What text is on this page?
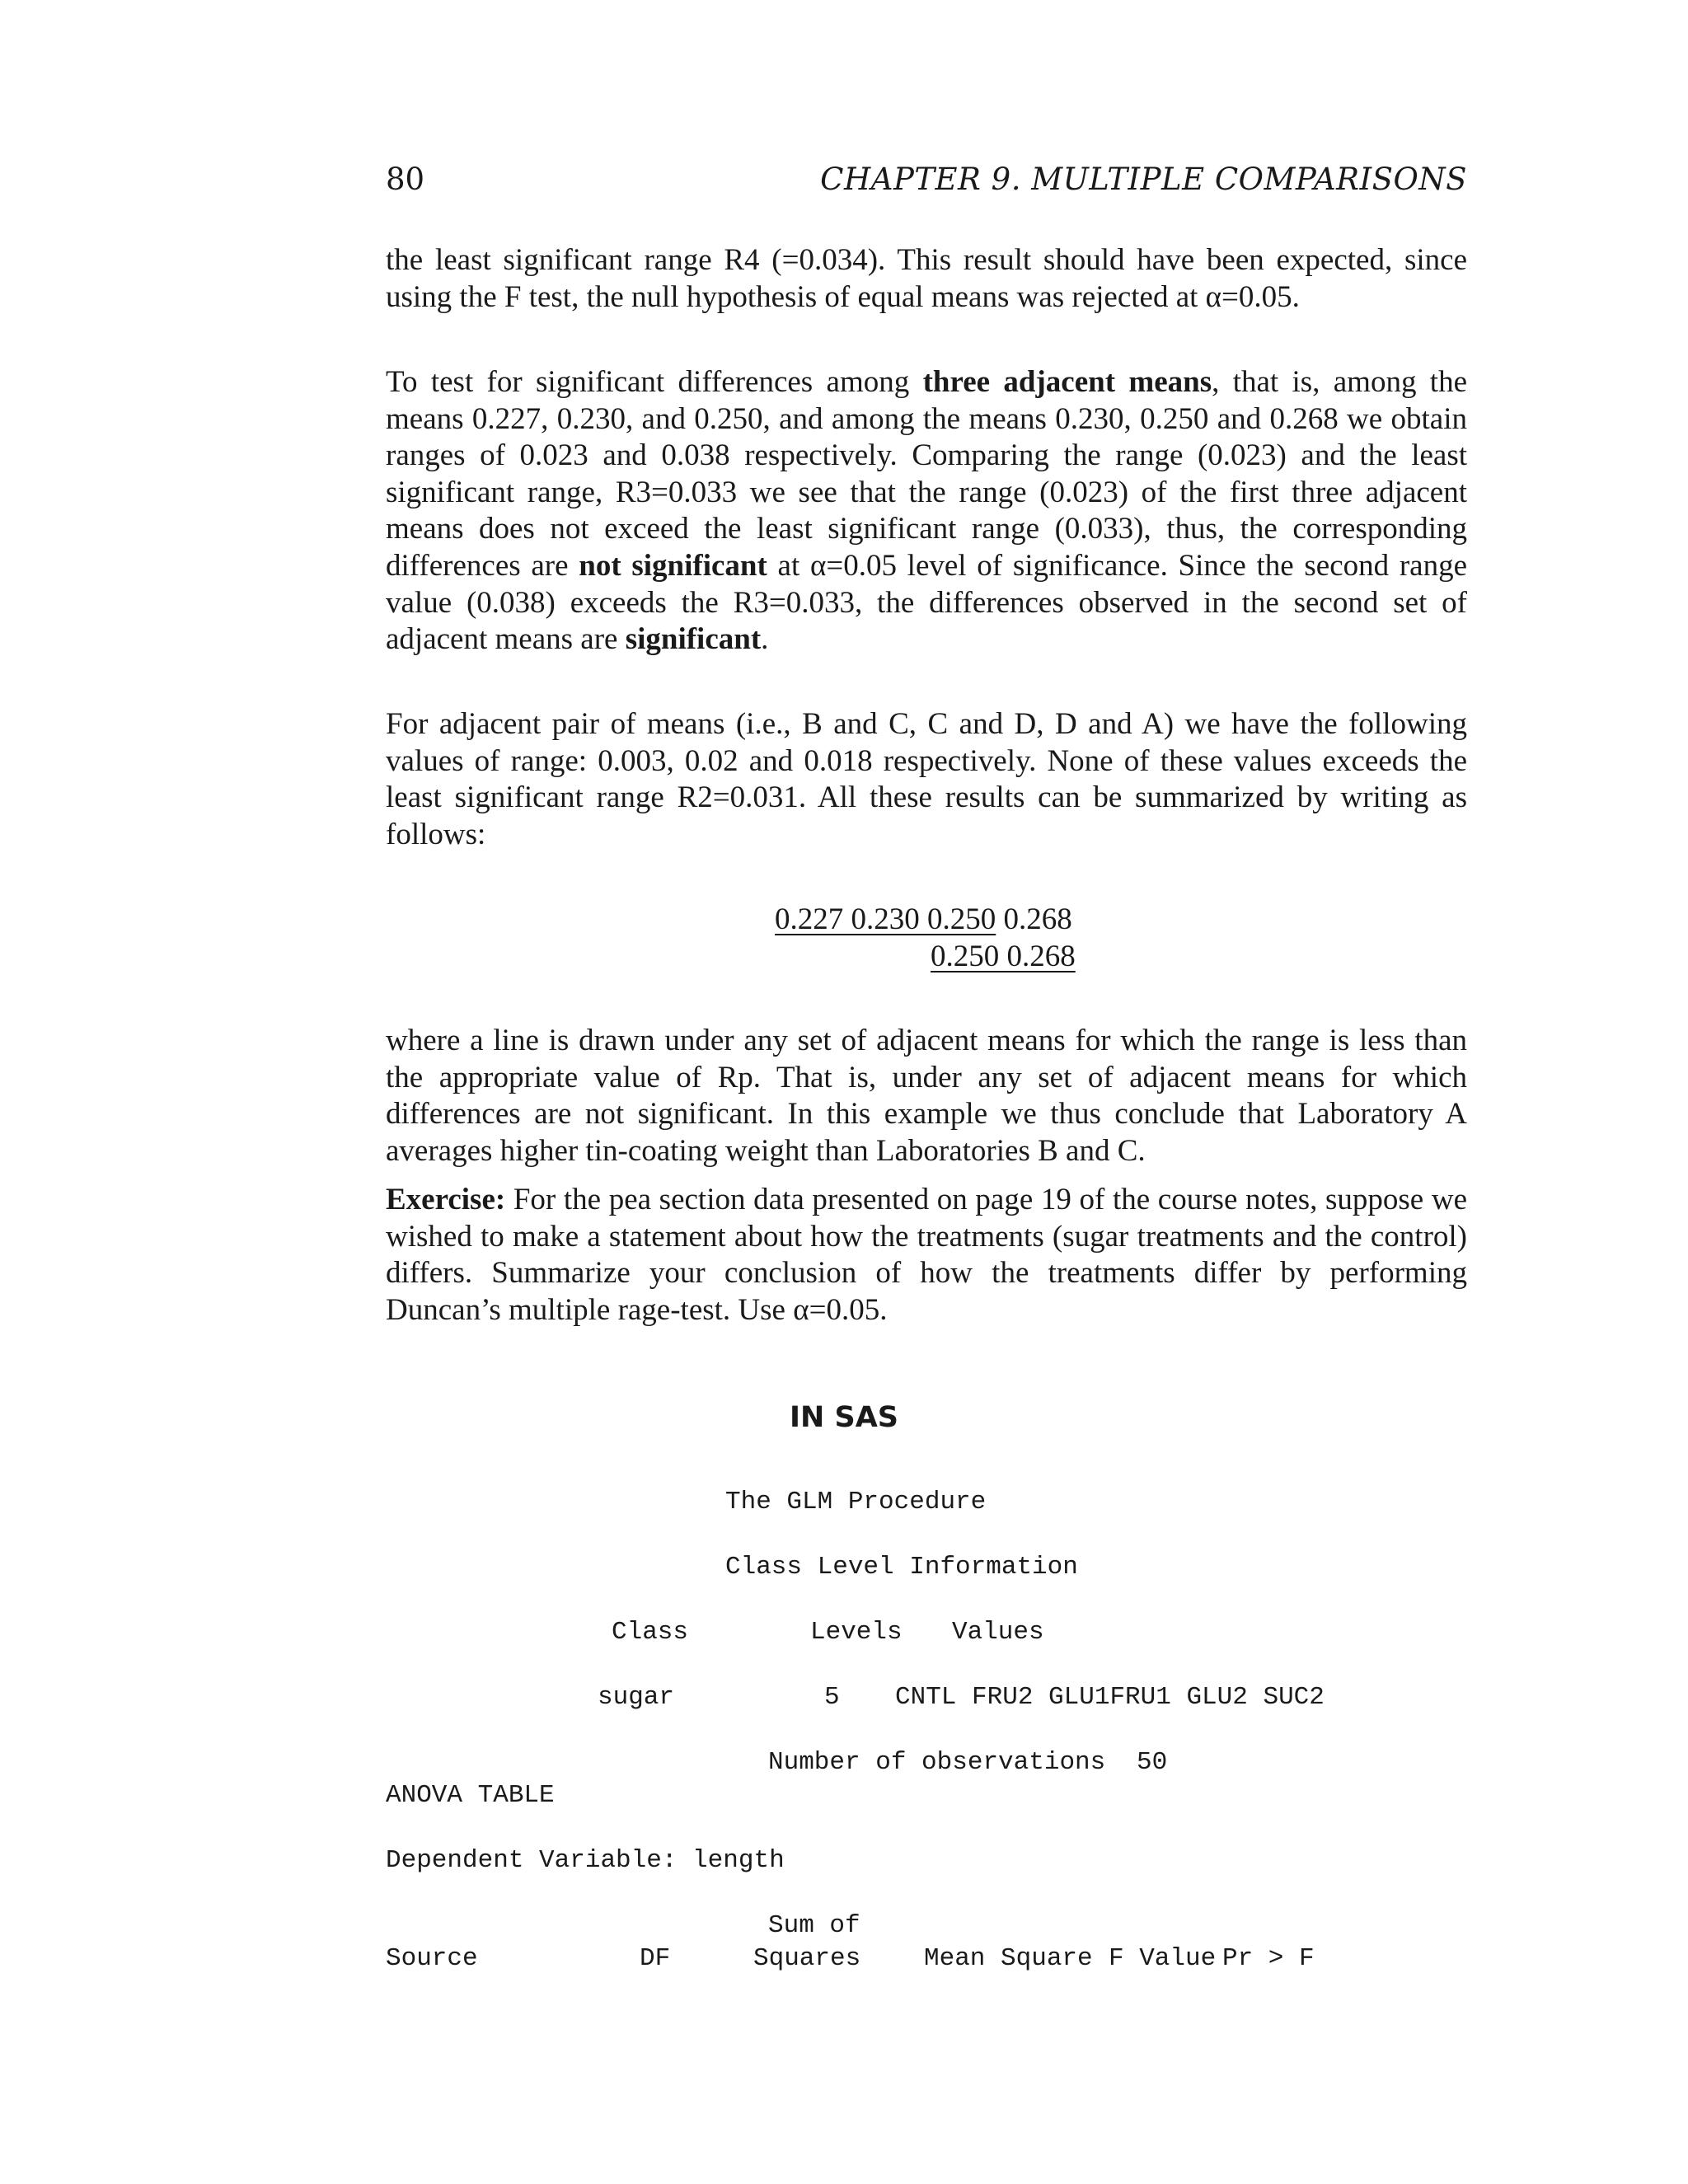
80	CHAPTER 9. MULTIPLE COMPARISONS

the least significant range R4 (=0.034). This result should have been expected, since using the F test, the null hypothesis of equal means was rejected at α=0.05.

To test for significant differences among three adjacent means, that is, among the means 0.227, 0.230, and 0.250, and among the means 0.230, 0.250 and 0.268 we obtain ranges of 0.023 and 0.038 respectively. Comparing the range (0.023) and the least significant range, R3=0.033 we see that the range (0.023) of the first three adjacent means does not exceed the least significant range (0.033), thus, the corresponding differences are not significant at α=0.05 level of significance. Since the second range value (0.038) exceeds the R3=0.033, the differences observed in the second set of adjacent means are significant.

For adjacent pair of means (i.e., B and C, C and D, D and A) we have the following values of range: 0.003, 0.02 and 0.018 respectively. None of these values exceeds the least significant range R2=0.031. All these results can be summarized by writing as follows:

0.227 0.230 0.250 0.268
0.250 0.268

where a line is drawn under any set of adjacent means for which the range is less than the appropriate value of Rp. That is, under any set of adjacent means for which differences are not significant. In this example we thus conclude that Laboratory A averages higher tin-coating weight than Laboratories B and C.

Exercise: For the pea section data presented on page 19 of the course notes, suppose we wished to make a statement about how the treatments (sugar treatments and the control) differs. Summarize your conclusion of how the treatments differ by performing Duncan’s multiple rage-test. Use α=0.05.

IN SAS
The GLM Procedure
Class Level Information
Class	Levels Values
sugar	5 CNTL FRU2 GLU1FRU1 GLU2 SUC2
Number of observations 50
ANOVA TABLE
Dependent Variable: length
Sum of
Source	DF	Squares Mean Square F Value Pr > F
